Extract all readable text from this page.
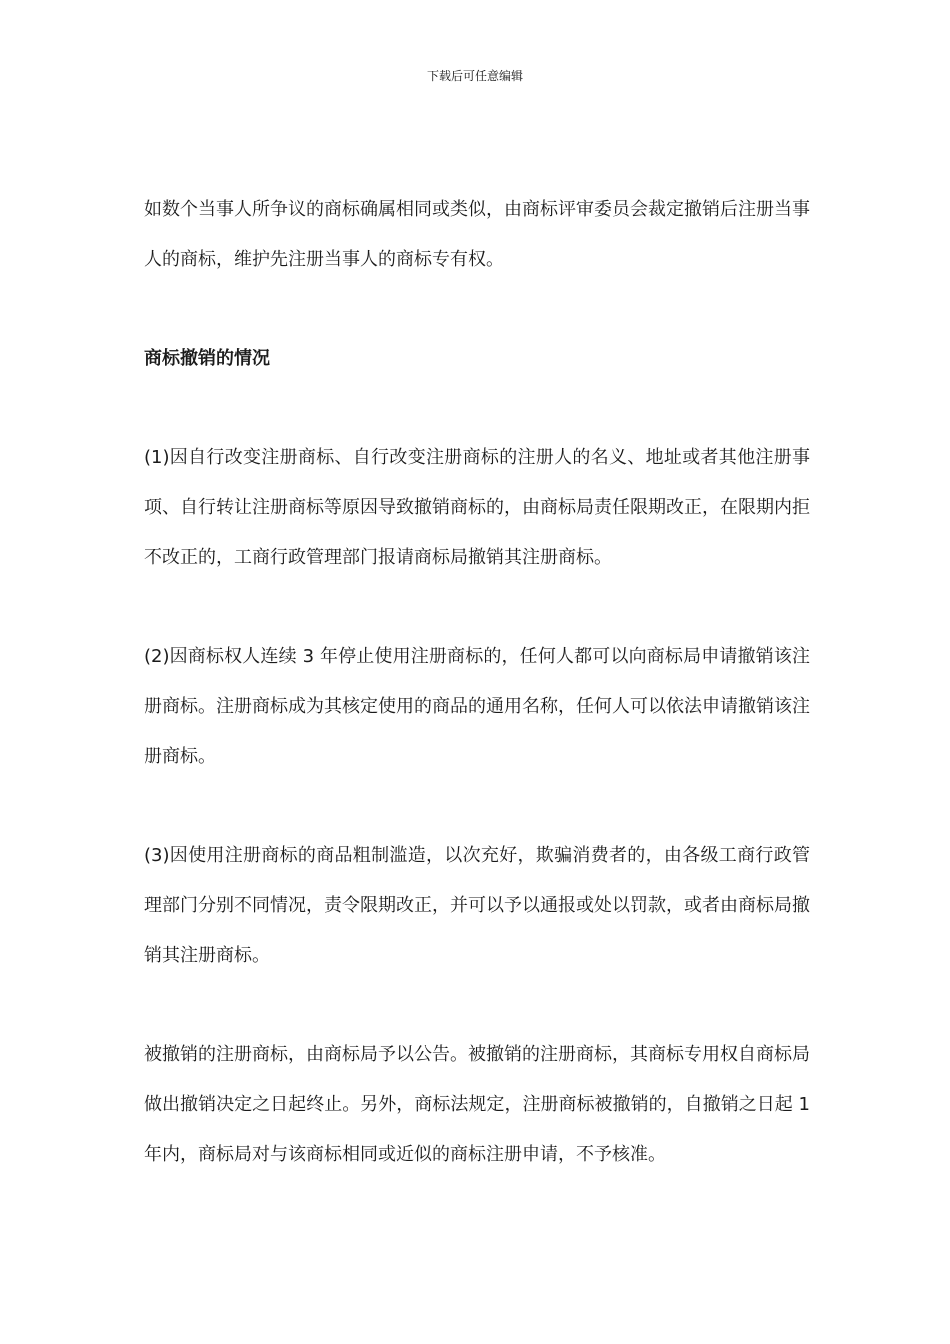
下载后可任意编辑

如数个当事人所争议的商标确属相同或类似，由商标评审委员会裁定撤销后注册当事人的商标，维护先注册当事人的商标专有权。

商标撤销的情况

(1)因自行改变注册商标、自行改变注册商标的注册人的名义、地址或者其他注册事项、自行转让注册商标等原因导致撤销商标的，由商标局责任限期改正，在限期内拒不改正的，工商行政管理部门报请商标局撤销其注册商标。

(2)因商标权人连续 3 年停止使用注册商标的，任何人都可以向商标局申请撤销该注册商标。注册商标成为其核定使用的商品的通用名称，任何人可以依法申请撤销该注册商标。

(3)因使用注册商标的商品粗制滥造，以次充好，欺骗消费者的，由各级工商行政管理部门分别不同情况，责令限期改正，并可以予以通报或处以罚款，或者由商标局撤销其注册商标。

被撤销的注册商标，由商标局予以公告。被撤销的注册商标，其商标专用权自商标局做出撤销决定之日起终止。另外，商标法规定，注册商标被撤销的，自撤销之日起 1 年内，商标局对与该商标相同或近似的商标注册申请，不予核准。
